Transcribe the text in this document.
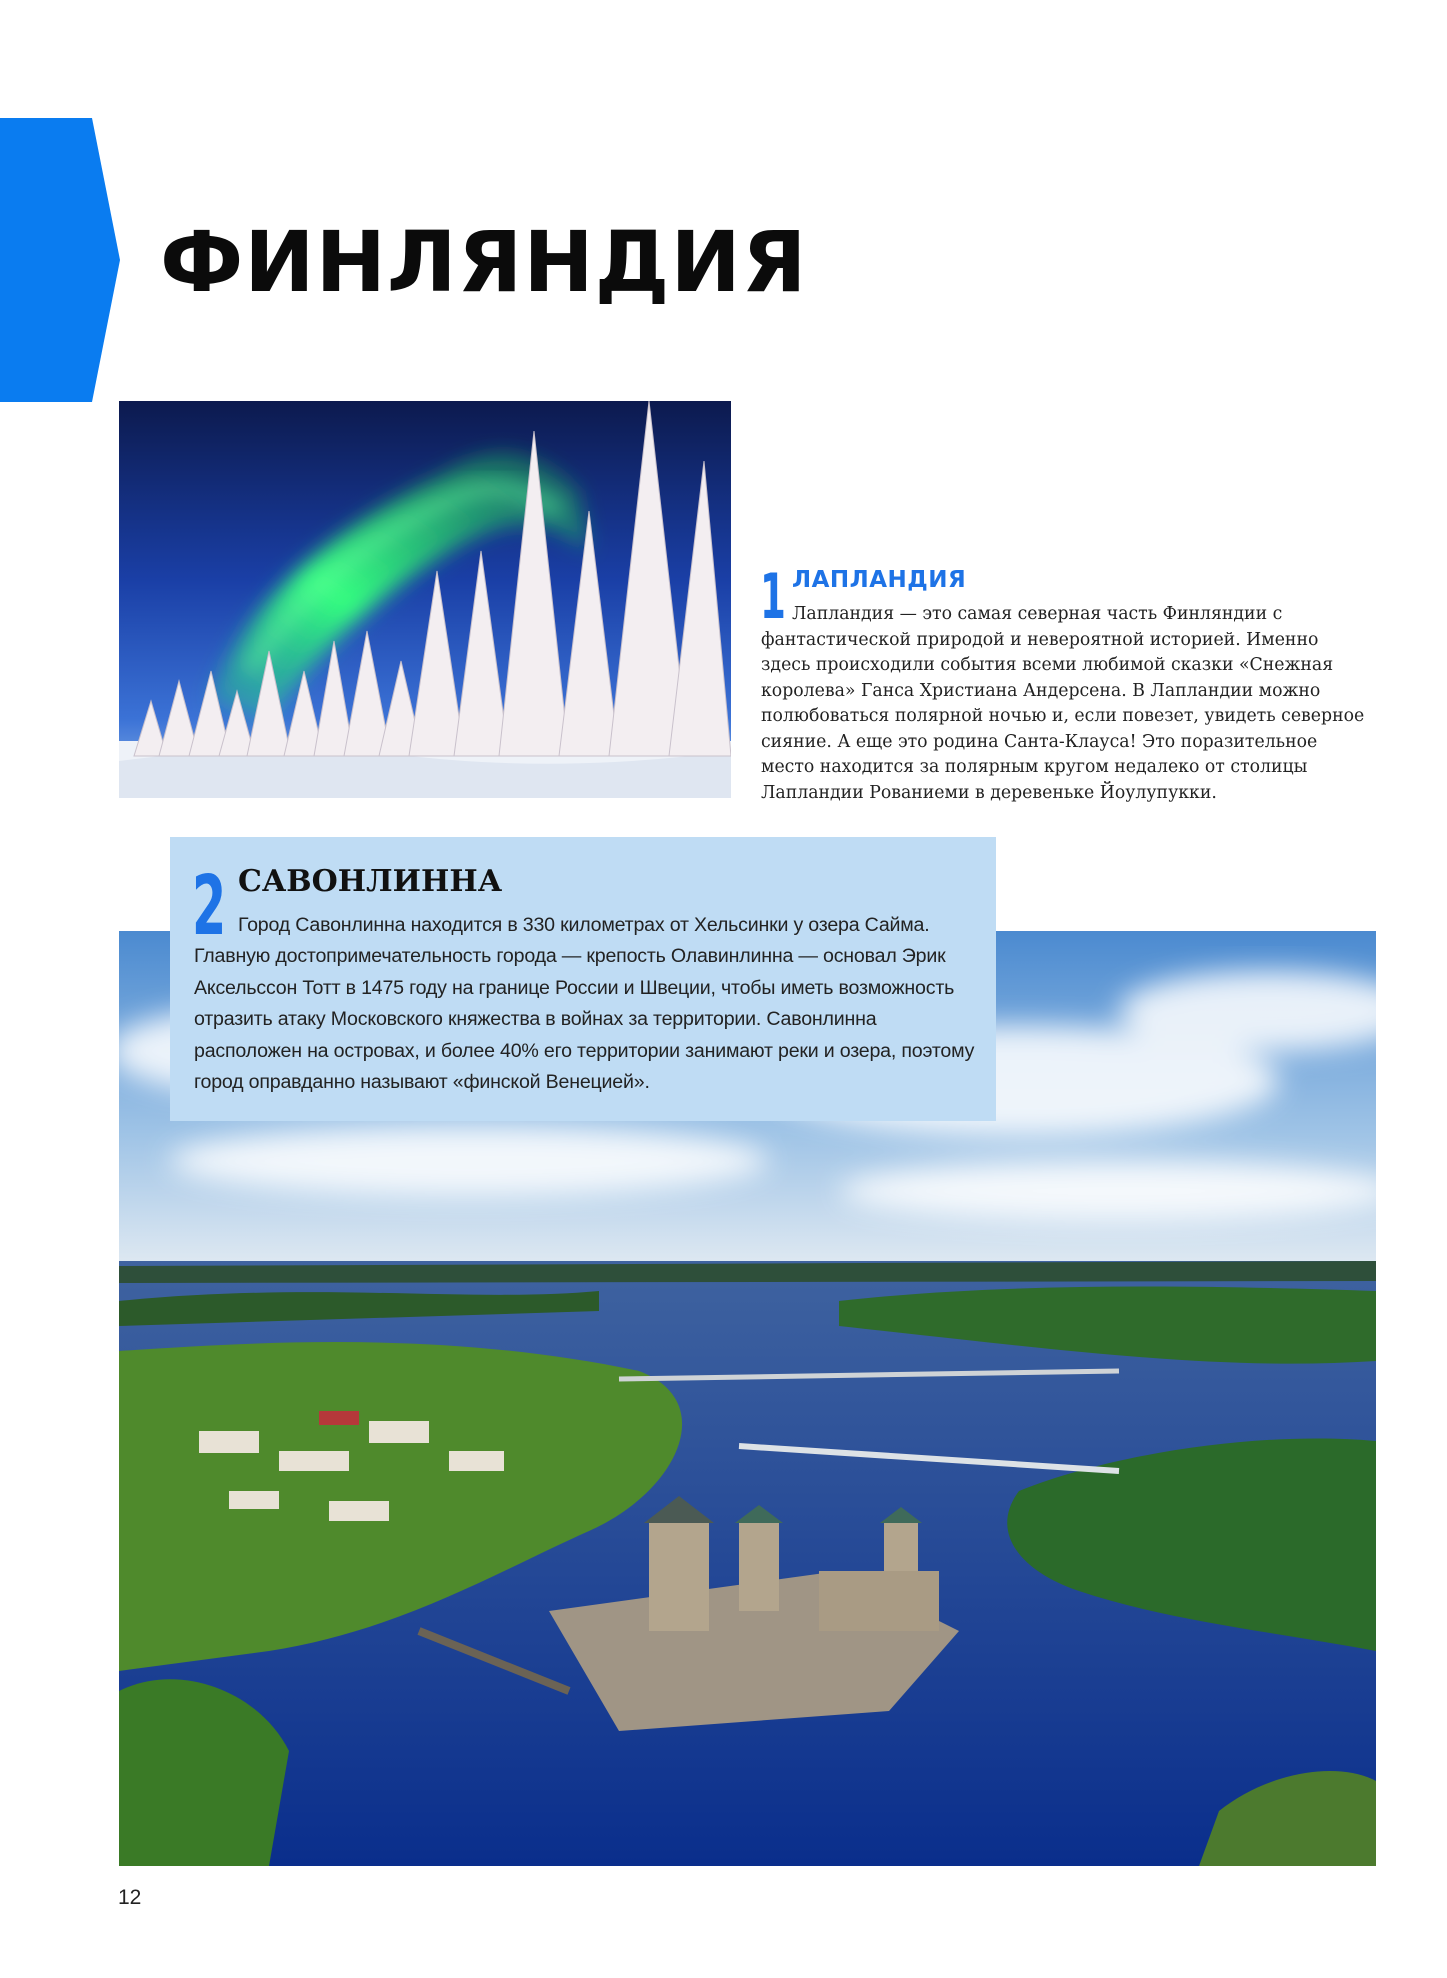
ФИНЛЯНДИЯ
1 ЛАПЛАНДИЯ

Лапландия — это самая северная часть Финляндии с фантастической природой и невероятной историей. Именно здесь происходили события всеми любимой сказки «Снежная королева» Ганса Христиана Андерсена. В Лапландии можно полюбоваться полярной ночью и, если повезет, увидеть северное сияние. А еще это родина Санта-Клауса! Это поразительное место находится за полярным кругом недалеко от столицы Лапландии Рованиеми в деревеньке Йоулупукки.

2 САВОНЛИННА

Город Савонлинна находится в 330 километрах от Хельсинки у озера Сайма. Главную достопримечательность города — крепость Олавинлинна — основал Эрик Аксельссон Тотт в 1475 году на границе России и Швеции, чтобы иметь возможность отразить атаку Московского княжества в войнах за территории. Савонлинна расположен на островах, и более 40% его территории занимают реки и озера, поэтому город оправданно называют «финской Венецией».

12
